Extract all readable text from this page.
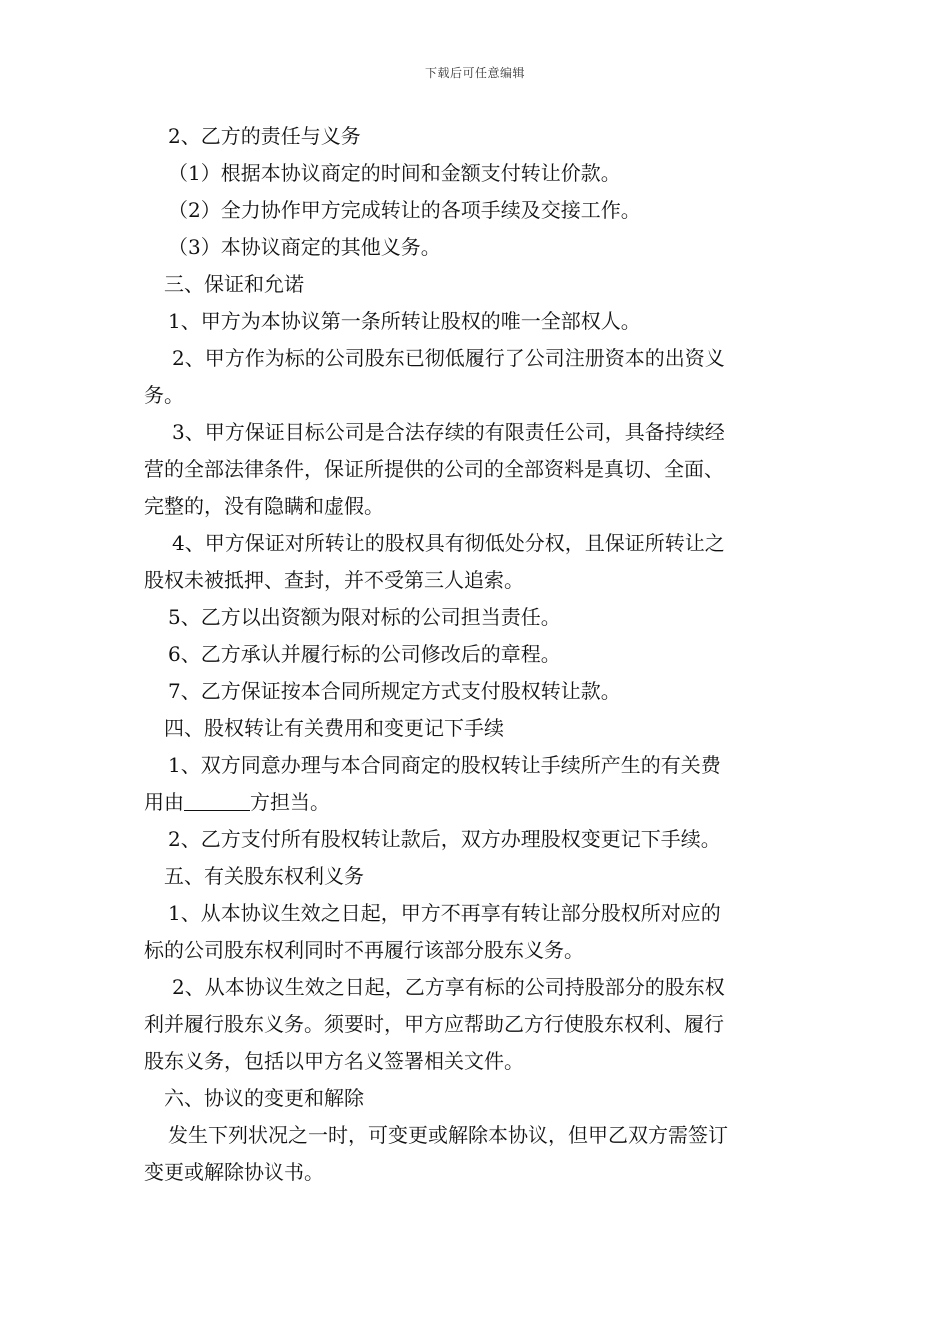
下载后可任意编辑

2、乙方的责任与义务

（1）根据本协议商定的时间和金额支付转让价款。

（2）全力协作甲方完成转让的各项手续及交接工作。

（3）本协议商定的其他义务。

三、保证和允诺

1、甲方为本协议第一条所转让股权的唯一全部权人。

2、甲方作为标的公司股东已彻低履行了公司注册资本的出资义

务。

3、甲方保证目标公司是合法存续的有限责任公司，具备持续经

营的全部法律条件，保证所提供的公司的全部资料是真切、全面、

完整的，没有隐瞒和虚假。

4、甲方保证对所转让的股权具有彻低处分权，且保证所转让之

股权未被抵押、查封，并不受第三人追索。

5、乙方以出资额为限对标的公司担当责任。

6、乙方承认并履行标的公司修改后的章程。

7、乙方保证按本合同所规定方式支付股权转让款。

四、股权转让有关费用和变更记下手续

1、双方同意办理与本合同商定的股权转让手续所产生的有关费

用由	方担当。

2、乙方支付所有股权转让款后，双方办理股权变更记下手续。

五、有关股东权利义务

1、从本协议生效之日起，甲方不再享有转让部分股权所对应的

标的公司股东权利同时不再履行该部分股东义务。

2、从本协议生效之日起，乙方享有标的公司持股部分的股东权

利并履行股东义务。须要时，甲方应帮助乙方行使股东权利、履行

股东义务，包括以甲方名义签署相关文件。

六、协议的变更和解除

发生下列状况之一时，可变更或解除本协议，但甲乙双方需签订

变更或解除协议书。
